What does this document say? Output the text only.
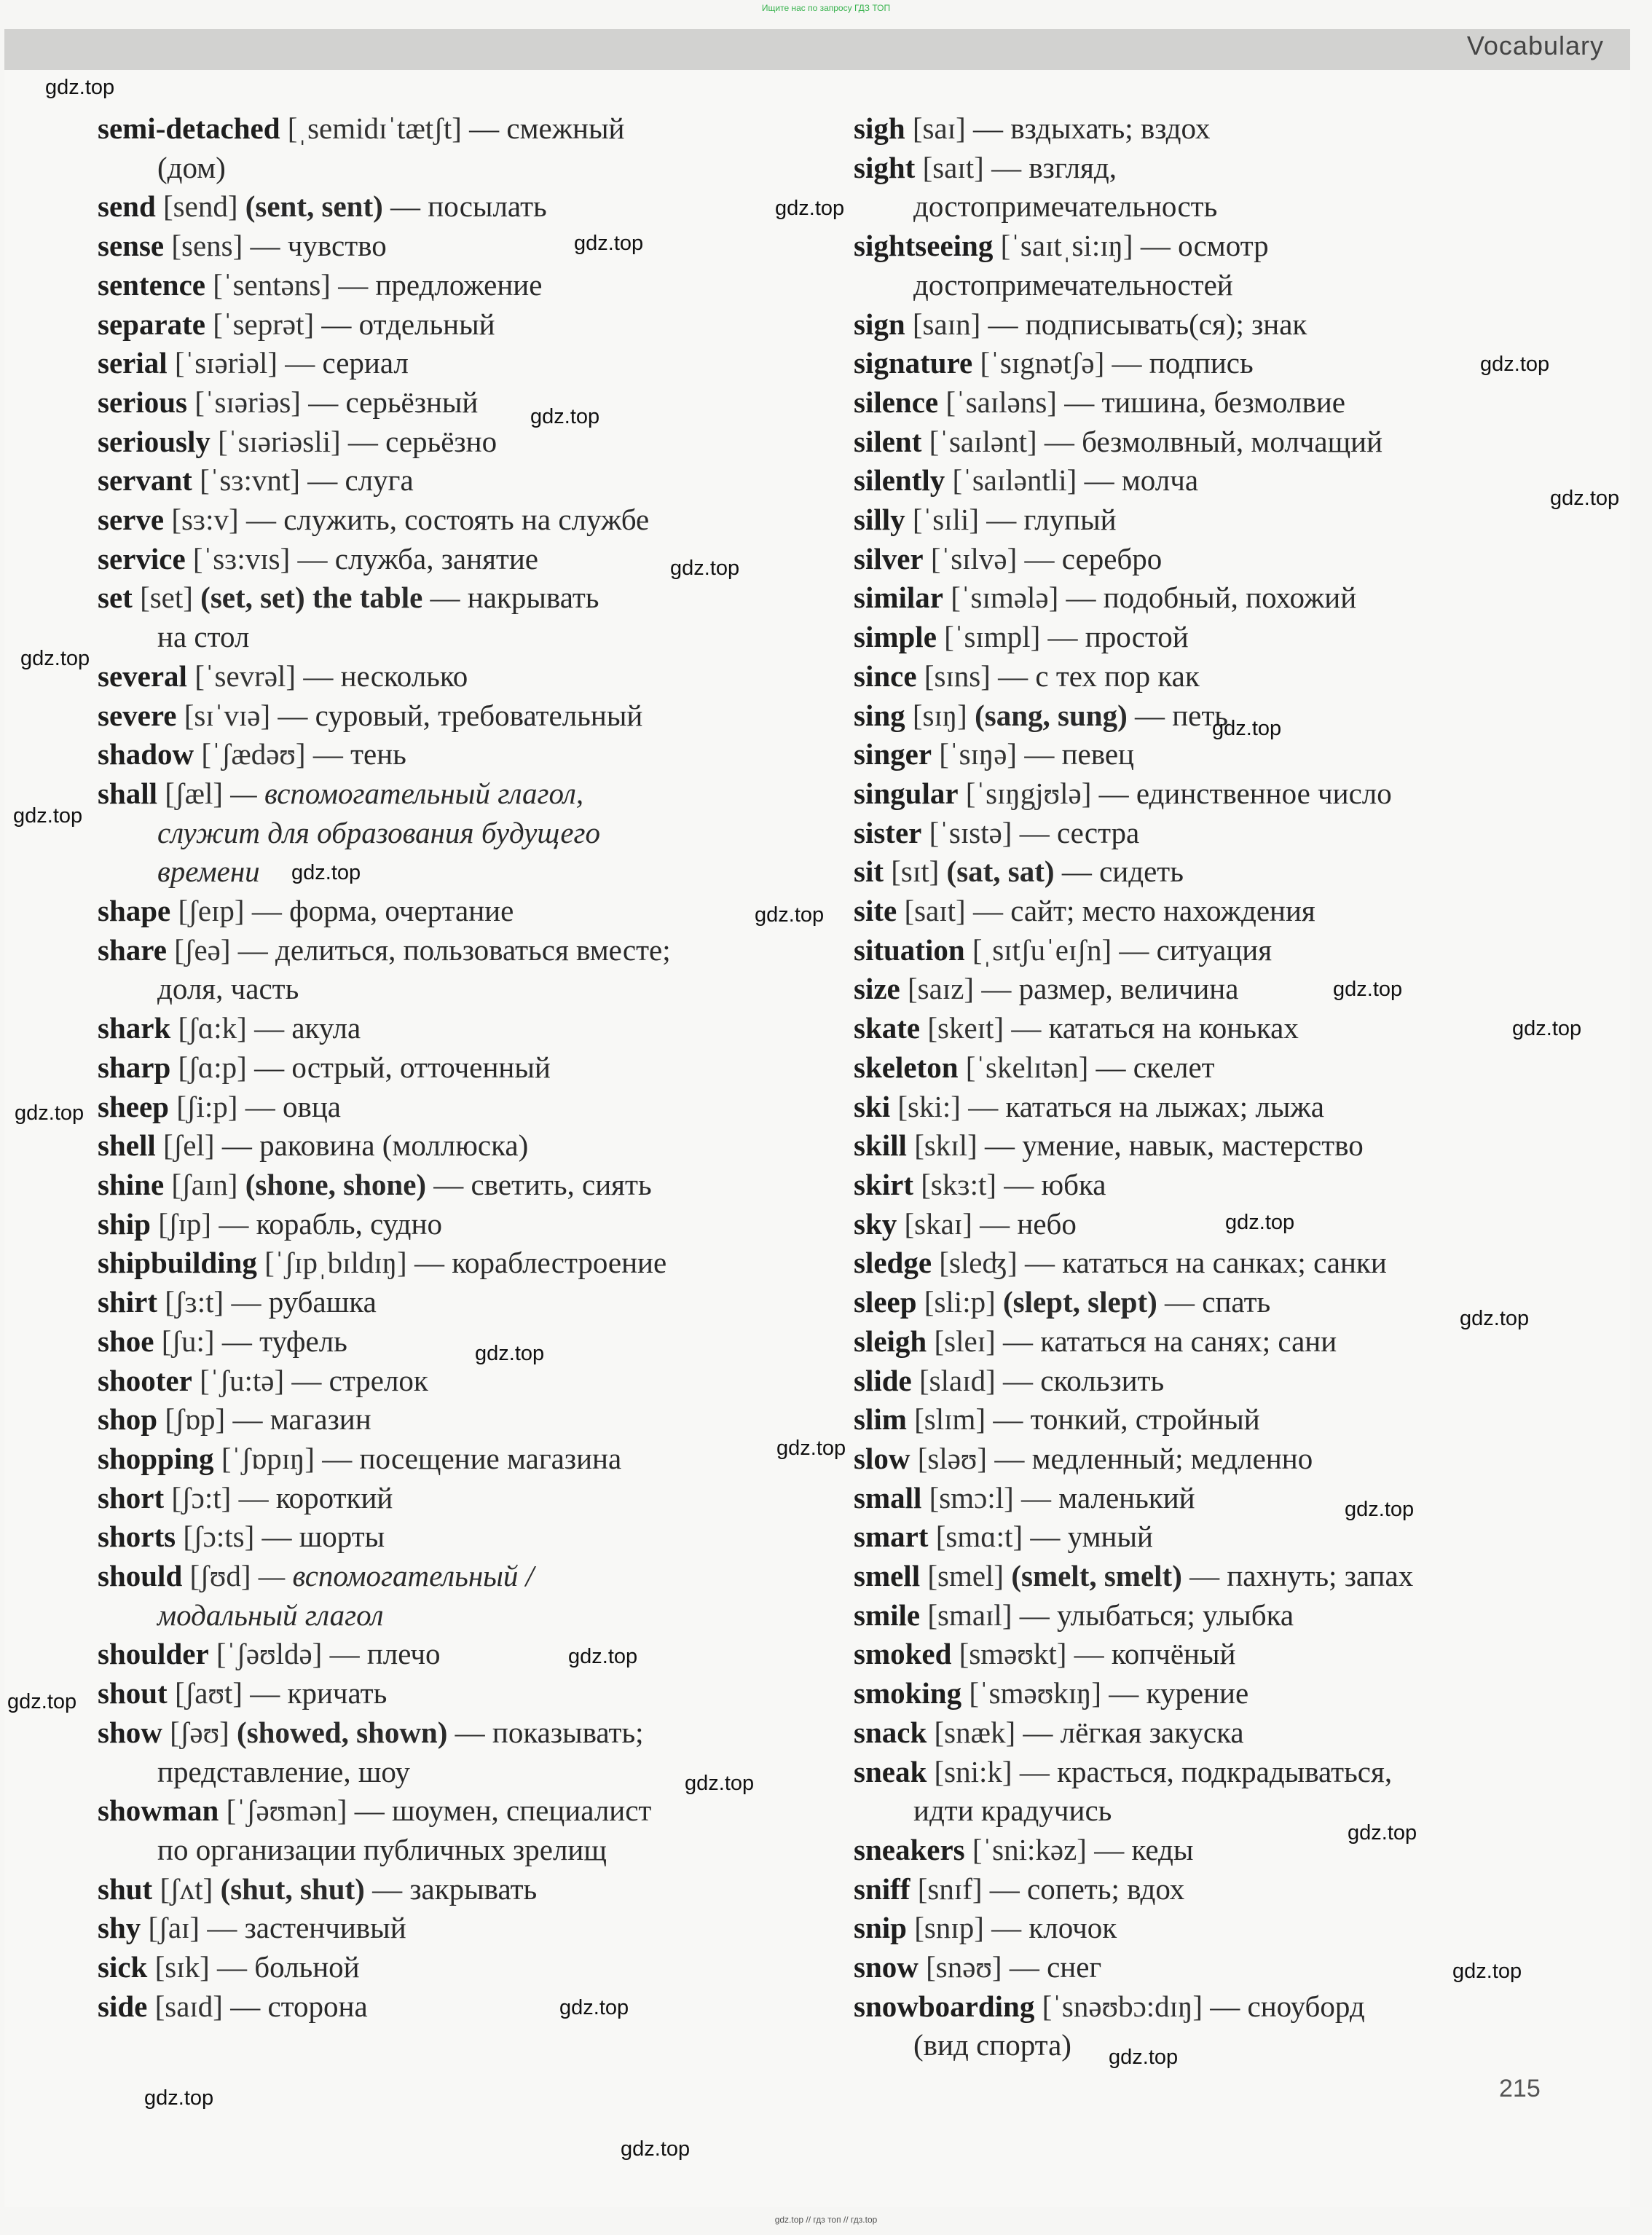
Ищите нас по запросу ГДЗ ТОП
Vocabulary
semi-detached [ˌsemidɪˈtætʃt] — смежный
(дом)
send [send] (sent, sent) — посылать
sense [sens] — чувство
sentence [ˈsentəns] — предложение
separate [ˈseprət] — отдельный
serial [ˈsɪəriəl] — сериал
serious [ˈsɪəriəs] — серьёзный
seriously [ˈsɪəriəsli] — серьёзно
servant [ˈsɜ:vnt] — слуга
serve [sɜ:v] — служить, состоять на службе
service [ˈsɜ:vɪs] — служба, занятие
set [set] (set, set) the table — накрывать
на стол
several [ˈsevrəl] — несколько
severe [sɪˈvɪə] — суровый, требовательный
shadow [ˈʃædəʊ] — тень
shall [ʃæl] — вспомогательный глагол,
служит для образования будущего
времени
shape [ʃeɪp] — форма, очертание
share [ʃeə] — делиться, пользоваться вместе;
доля, часть
shark [ʃɑ:k] — акула
sharp [ʃɑ:p] — острый, отточенный
sheep [ʃi:p] — овца
shell [ʃel] — раковина (моллюска)
shine [ʃaɪn] (shone, shone) — светить, сиять
ship [ʃɪp] — корабль, судно
shipbuilding [ˈʃɪpˌbɪldɪŋ] — кораблестроение
shirt [ʃɜ:t] — рубашка
shoe [ʃu:] — туфель
shooter [ˈʃu:tə] — стрелок
shop [ʃɒp] — магазин
shopping [ˈʃɒpɪŋ] — посещение магазина
short [ʃɔ:t] — короткий
shorts [ʃɔ:ts] — шорты
should [ʃʊd] — вспомогательный /
модальный глагол
shoulder [ˈʃəʊldə] — плечо
shout [ʃaʊt] — кричать
show [ʃəʊ] (showed, shown) — показывать;
представление, шоу
showman [ˈʃəʊmən] — шоумен, специалист
по организации публичных зрелищ
shut [ʃʌt] (shut, shut) — закрывать
shy [ʃaɪ] — застенчивый
sick [sɪk] — больной
side [saɪd] — сторона
sigh [saɪ] — вздыхать; вздох
sight [saɪt] — взгляд,
достопримечательность
sightseeing [ˈsaɪtˌsi:ɪŋ] — осмотр
достопримечательностей
sign [saɪn] — подписывать(ся); знак
signature [ˈsɪgnətʃə] — подпись
silence [ˈsaɪləns] — тишина, безмолвие
silent [ˈsaɪlənt] — безмолвный, молчащий
silently [ˈsaɪləntli] — молча
silly [ˈsɪli] — глупый
silver [ˈsɪlvə] — серебро
similar [ˈsɪmələ] — подобный, похожий
simple [ˈsɪmpl] — простой
since [sɪns] — с тех пор как
sing [sɪŋ] (sang, sung) — петь
singer [ˈsɪŋə] — певец
singular [ˈsɪŋgjʊlə] — единственное число
sister [ˈsɪstə] — сестра
sit [sɪt] (sat, sat) — сидеть
site [saɪt] — сайт; место нахождения
situation [ˌsɪtʃuˈeɪʃn] — ситуация
size [saɪz] — размер, величина
skate [skeɪt] — кататься на коньках
skeleton [ˈskelɪtən] — скелет
ski [ski:] — кататься на лыжах; лыжа
skill [skɪl] — умение, навык, мастерство
skirt [skɜ:t] — юбка
sky [skaɪ] — небо
sledge [sleʤ] — кататься на санках; санки
sleep [sli:p] (slept, slept) — спать
sleigh [sleɪ] — кататься на санях; сани
slide [slaɪd] — скользить
slim [slɪm] — тонкий, стройный
slow [sləʊ] — медленный; медленно
small [smɔ:l] — маленький
smart [smɑ:t] — умный
smell [smel] (smelt, smelt) — пахнуть; запах
smile [smaɪl] — улыбаться; улыбка
smoked [sməʊkt] — копчёный
smoking [ˈsməʊkɪŋ] — курение
snack [snæk] — лёгкая закуска
sneak [sni:k] — красться, подкрадываться,
идти крадучись
sneakers [ˈsni:kəz] — кеды
sniff [snɪf] — сопеть; вдох
snip [snɪp] — клочок
snow [snəʊ] — снег
snowboarding [ˈsnəʊbɔ:dɪŋ] — сноуборд
(вид спорта)
215
gdz.top // гдз топ // гдз.top
gdz.top
gdz.top
gdz.top
gdz.top
gdz.top
gdz.top
gdz.top
gdz.top
gdz.top
gdz.top
gdz.top
gdz.top
gdz.top
gdz.top
gdz.top
gdz.top
gdz.top
gdz.top
gdz.top
gdz.top
gdz.top
gdz.top
gdz.top
gdz.top
gdz.top
gdz.top
gdz.top
gdz.top
gdz.top
